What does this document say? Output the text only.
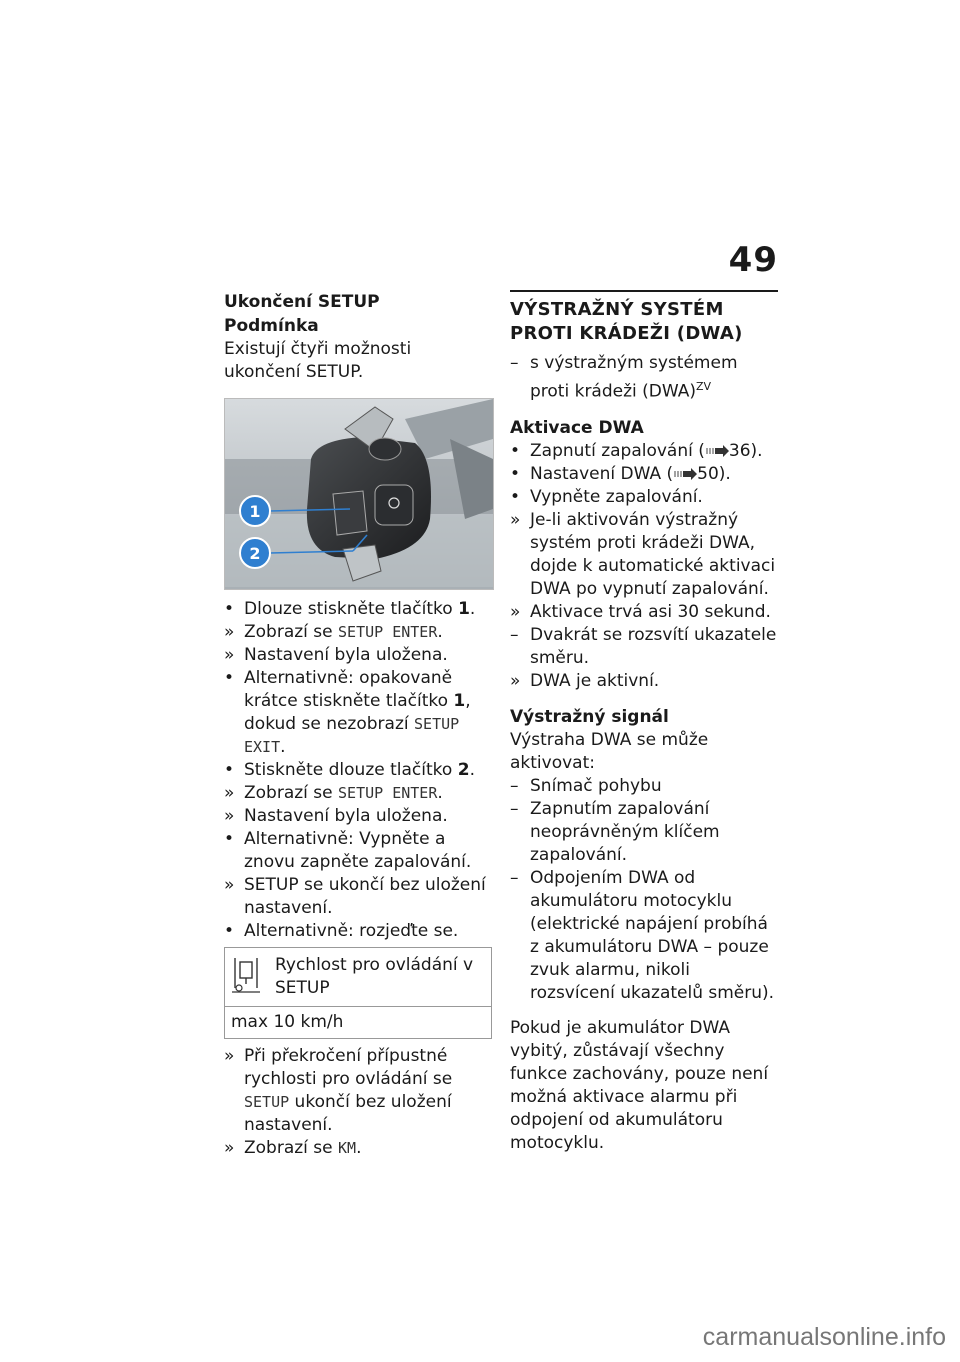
49

Ukončení SETUP

Podmínka

Existují čtyři možnosti ukončení SETUP.

1
2
• Dlouze stiskněte tlačítko 1.
» Zobrazí se SETUP ENTER.
» Nastavení byla uložena.
• Alternativně: opakovaně krátce stiskněte tlačítko 1, dokud se nezobrazí SETUP EXIT.
• Stiskněte dlouze tlačítko 2.
» Zobrazí se SETUP ENTER.
» Nastavení byla uložena.
• Alternativně: Vypněte a znovu zapněte zapalování.
» SETUP se ukončí bez uložení nastavení.
• Alternativně: rozjeďte se.
Rychlost pro ovládání v SETUP
max 10 km/h
» Při překročení přípustné rychlosti pro ovládání se SETUP ukončí bez uložení nastavení.
» Zobrazí se KM.
VÝSTRAŽNÝ SYSTÉM PROTI KRÁDEŽI (DWA)
– s výstražným systémem proti krádeži (DWA)$^{ZV}$

Aktivace DWA

• Zapnutí zapalování ( 36).
• Nastavení DWA ( 50).
• Vypněte zapalování.
» Je-li aktivován výstražný systém proti krádeži DWA, dojde k automatické aktivaci DWA po vypnutí zapalování.
» Aktivace trvá asi 30 sekund.
– Dvakrát se rozsvítí ukazatele směru.
» DWA je aktivní.

Výstražný signál

Výstraha DWA se může aktivovat:

– Snímač pohybu
– Zapnutím zapalování neoprávněným klíčem zapalování.
– Odpojením DWA od akumulátoru motocyklu (elektrické napájení probíhá z akumulátoru DWA – pouze zvuk alarmu, nikoli rozsvícení ukazatelů směru).

Pokud je akumulátor DWA vybitý, zůstávají všechny funkce zachovány, pouze není možná aktivace alarmu při odpojení od akumulátoru motocyklu.

carmanualsonline.info
